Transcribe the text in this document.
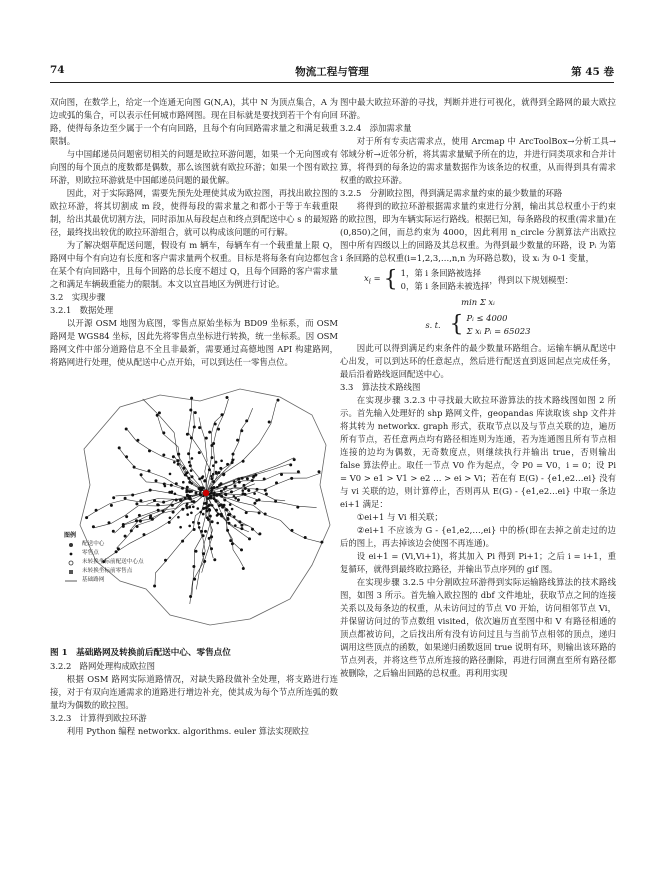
74	物流工程与管理	第 45 卷

双向图，在数学上，给定一个连通无向图 G(N,A)，其中 N 为顶点集合，A 为边或弧的集合，可以表示任何城市路网图。现在目标就是要找到若干个有向回路，使得每条边至少属于一个有向回路，且每个有向回路需求量之和满足载重限制。

与中国邮递员问题密切相关的问题是欧拉环游问题，如果一个无向图或有向图的每个顶点的度数都是偶数，那么该图就有欧拉环游；如果一个图有欧拉环游，则欧拉环游就是中国邮递员问题的最优解。

因此，对于实际路网，需要先预先处理使其成为欧拉图，再找出欧拉图的欧拉环游，将其切割成 m 段，使得每段的需求量之和都小于等于车载重限制，给出其最优切割方法，同时添加从每段起点和终点到配送中心 s 的最短路径，最终找出较优的欧拉环游组合，就可以构成该问题的可行解。

为了解决烟草配送问题，假设有 m 辆车，每辆车有一个载重量上限 Q，路网中每个有向边有长度和客户需求量两个权重。目标是将每条有向边都包含在某个有向回路中，且每个回路的总长度不超过 Q，且每个回路的客户需求量之和满足车辆载重能力的限制。本文以宜昌地区为例进行讨论。

3.2　实现步骤

3.2.1　数据处理

以开源 OSM 地图为底图，零售点原始坐标为 BD09 坐标系，而 OSM 路网是 WGS84 坐标，因此先将零售点坐标进行转换，统一坐标系。因 OSM 路网文件中部分道路信息不全且非最新，需要通过高德地图 API 构建路网，将路网进行处理，使从配送中心点开始，可以到达任一零售点位。

图例
配送中心
零售点
未转换坐标前配送中心点
未转换坐标前零售点
基础路网

图 1　基础路网及转换前后配送中心、零售点位

3.2.2　路网处理构成欧拉图

根据 OSM 路网实际道路情况，对缺失路段做补全处理，将支路进行连接，对于有双向连通需求的道路进行增边补充，使其成为每个节点所连弧的数量均为偶数的欧拉图。

3.2.3　计算得到欧拉环游

利用 Python 编程 networkx. algorithms. euler 算法实现欧拉

图中最大欧拉环游的寻找，判断并进行可视化，就得到全路网的最大欧拉环游。

3.2.4　添加需求量

对于所有专卖店需求点，使用 Arcmap 中 ArcToolBox→分析工具→邻域分析→近邻分析，将其需求量赋予所在的边，并进行同类项求和合并计算，将得到的每条边的需求量数据作为该条边的权重，从而得到具有需求权重的欧拉环游。

3.2.5　分割欧拉图，得到满足需求量约束的最少数量的环路

将得到的欧拉环游根据需求量约束进行分割，输出其总权重小于约束的欧拉图，即为车辆实际运行路线。根据已知，每条路段的权重(需求量)在(0,850)之间，而总约束为 4000，因此利用 n_circle 分割算法产出欧拉图中所有四级以上的回路及其总权重。为得到最少数量的环路，设 Pᵢ 为第 i 条回路的总权重(i=1,2,3,…,n,n 为环路总数)，设 xᵢ 为 0-1 变量，

$x_i$ = { 1，第 i 条回路被选择
0，第 i 条回路未被选择
，得到以下规划模型：
min Σ xᵢ
s. t. { Pᵢ ≤ 4000
Σ xᵢ Pᵢ = 65023

因此可以得到满足约束条件的最少数量环路组合。运输车辆从配送中心出发，可以到达环的任意起点，然后进行配送直到返回起点完成任务，最后沿着路线返回配送中心。

3.3　算法技术路线图

在实现步骤 3.2.3 中寻找最大欧拉环游算法的技术路线图如图 2 所示。首先输入处理好的 shp 路网文件，geopandas 库读取该 shp 文件并将其转为 networkx. graph 形式，获取节点以及与节点关联的边，遍历所有节点，若任意两点均有路径相连则为连通，若为连通图且所有节点相连接的边均为偶数，无奇数度点，则继续执行并输出 true，否则输出 false 算法停止。取任一节点 V0 作为起点，令 P0 = V0，i = 0；设 Pi = V0 > e1 > V1 > e2 … > ei > Vi；若在有 E(G) - {e1,e2…ei} 没有与 vi 关联的边，则计算停止，否则再从 E(G) - {e1,e2…ei} 中取一条边 ei+1 满足：

①ei+1 与 Vi 相关联；

②ei+1 不应该为 G - {e1,e2,…,ei} 中的桥(即在去掉之前走过的边后的图上，再去掉该边会使图不再连通)。

设 ei+1 = (Vi,Vi+1)，将其加入 Pi 得到 Pi+1；之后 i = i+1，重复循环，就得到最终欧拉路径，并输出节点序列的 gif 图。

在实现步骤 3.2.5 中分割欧拉环游得到实际运输路线算法的技术路线图，如图 3 所示。首先输入欧拉图的 dbf 文件地址，获取节点之间的连接关系以及每条边的权重，从未访问过的节点 V0 开始，访问相邻节点 Vi，并保留访问过的节点数组 visited，依次遍历直至图中和 V 有路径相通的顶点都被访问，之后找出所有没有访问过且与当前节点相邻的顶点，递归调用这些顶点的函数，如果递归函数返回 true 说明有环，则输出该环路的节点列表，并将这些节点所连接的路径删除，再进行回溯直至所有路径都被删除，之后输出回路的总权重。再利用实现
